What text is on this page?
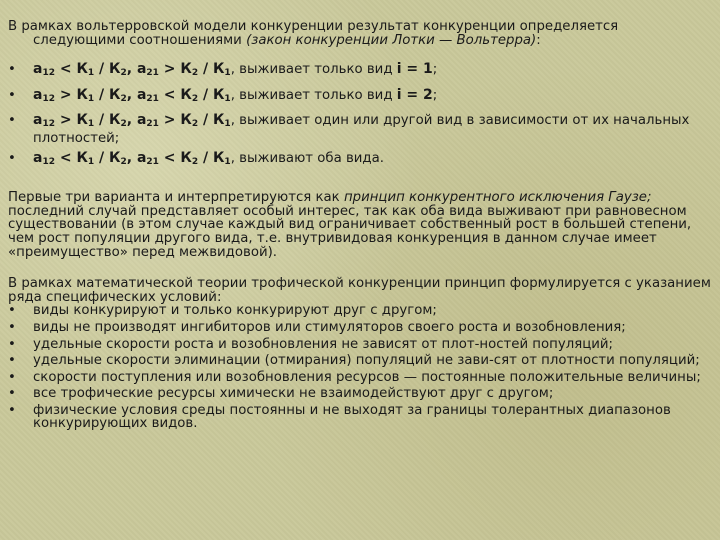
В рамках вольтерровской модели конкуренции результат конкуренции определяется
следующими соотношениями (закон конкуренции Лотки — Вольтерра):

•	$a_{12} < К_1 / К_2$, $a_{21} > К_2 / К_1$, выживает только вид i = 1;
•	$a_{12} > К_1 / К_2$, $a_{21} < К_2 / К_1$, выживает только вид i = 2;
•	$a_{12} > К_1 / К_2$, $a_{21} > К_2 / К_1$, выживает один или другой вид в зависимости от их начальных плотностей;
•	$a_{12} < К_1 / К_2$, $a_{21} < К_2 / К_1$, выживают оба вида.

Первые три варианта и интерпретируются как принцип конкурентного исключения Гаузе; последний случай представляет особый интерес, так как оба вида выживают при равновесном существовании (в этом случае каждый вид ограничивает собственный рост в большей степени, чем рост популяции другого вида, т.е. внутривидовая конкуренция в данном случае имеет «преимущество» перед межвидовой).

В рамках математической теории трофической конкуренции принцип формулируется с указанием ряда специфических условий:

•	виды конкурируют и только конкурируют друг с другом;
•	виды не производят ингибиторов или стимуляторов своего роста и возобновления;
•	удельные скорости роста и возобновления не зависят от плот-ностей популяций;
•	удельные скорости элиминации (отмирания) популяций не зави-сят от плотности популяций;
•	скорости поступления или возобновления ресурсов — постоянные положительные величины;
•	все трофические ресурсы химически не взаимодействуют друг с другом;
•	физические условия среды постоянны и не выходят за границы толерантных диапазонов конкурирующих видов.
